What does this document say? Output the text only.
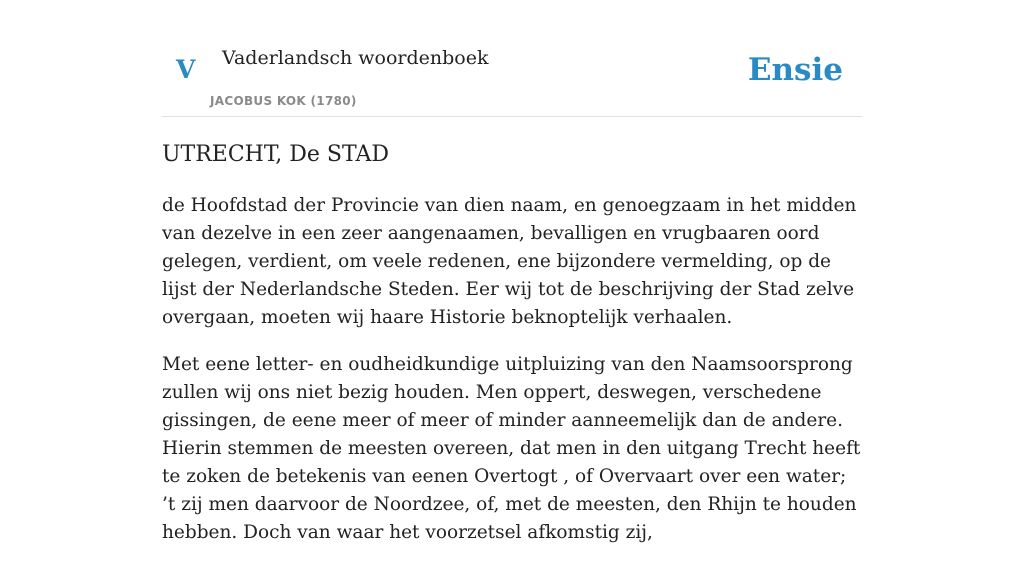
V Vaderlandsch woordenboek
JACOBUS KOK (1780)
Ensie
UTRECHT, De STAD

de Hoofdstad der Provincie van dien naam, en genoegzaam in het midden van dezelve in een zeer aangenaamen, bevalligen en vrugbaaren oord gelegen, verdient, om veele redenen, ene bijzondere vermelding, op de lijst der Nederlandsche Steden. Eer wij tot de beschrijving der Stad zelve overgaan, moeten wij haare Historie beknoptelijk verhaalen.

Met eene letter- en oudheidkundige uitpluizing van den Naamsoorsprong zullen wij ons niet bezig houden. Men oppert, deswegen, verschedene gissingen, de eene meer of meer of minder aanneemelijk dan de andere. Hierin stemmen de meesten overeen, dat men in den uitgang Trecht heeft te zoken de betekenis van eenen Overtogt , of Overvaart over een water; ’t zij men daarvoor de Noordzee, of, met de meesten, den Rhijn te houden hebben. Doch van waar het voorzetsel afkomstig zij,
